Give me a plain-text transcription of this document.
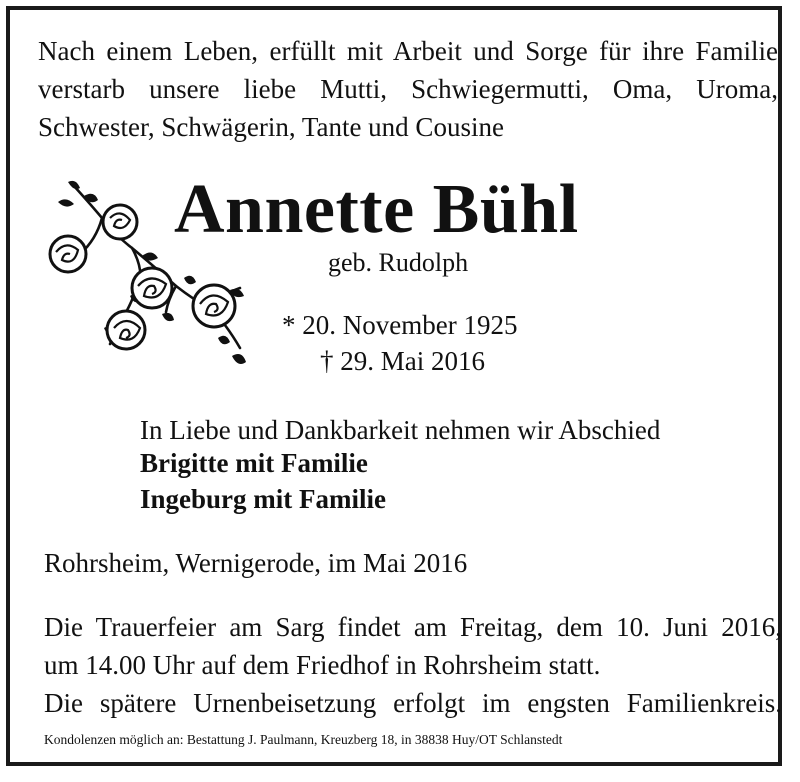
Nach einem Leben, erfüllt mit Arbeit und Sorge für ihre Familie
verstarb unsere liebe Mutti, Schwiegermutti, Oma, Uroma,
Schwester, Schwägerin, Tante und Cousine

Annette Bühl

geb. Rudolph

* 20. November 1925

† 29. Mai 2016

In Liebe und Dankbarkeit nehmen wir Abschied

Brigitte mit Familie

Ingeburg mit Familie

Rohrsheim, Wernigerode, im Mai 2016

Die Trauerfeier am Sarg findet am Freitag, dem 10. Juni 2016,
um 14.00 Uhr auf dem Friedhof in Rohrsheim statt.
Die spätere Urnenbeisetzung erfolgt im engsten Familienkreis.

Kondolenzen möglich an: Bestattung J. Paulmann, Kreuzberg 18, in 38838 Huy/OT Schlanstedt
